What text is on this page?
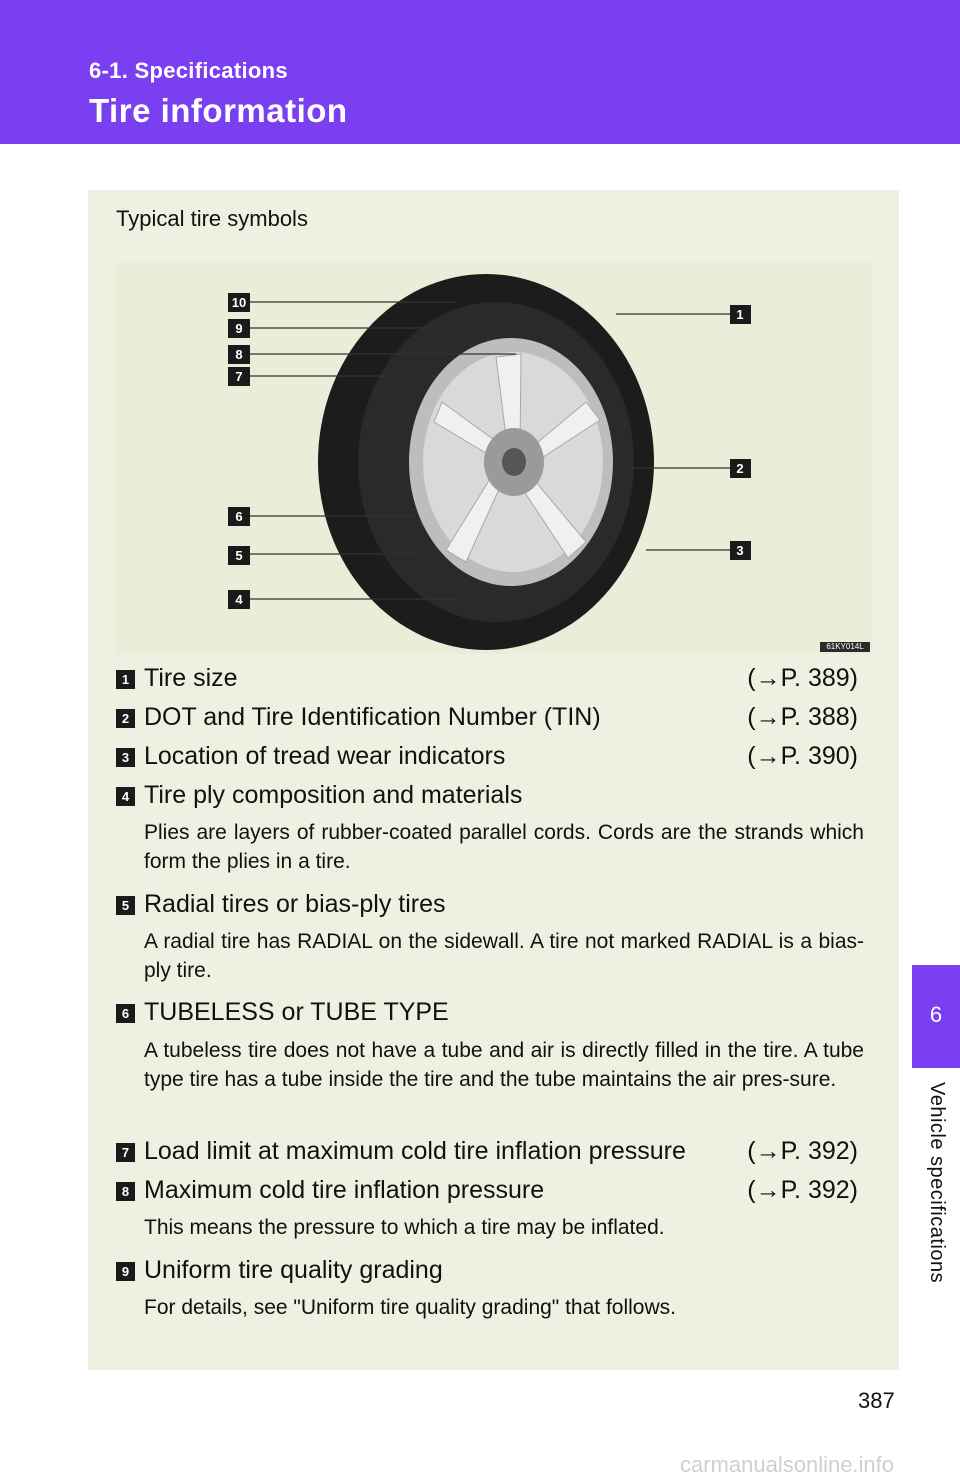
6-1. Specifications
Tire information
Typical tire symbols
10
9
8
7
6
5
4
1
2
3
61KY014L
1 Tire size	(→P. 389)
2 DOT and Tire Identification Number (TIN)	(→P. 388)
3 Location of tread wear indicators	(→P. 390)
4 Tire ply composition and materials
Plies are layers of rubber-coated parallel cords. Cords are the strands which form the plies in a tire.
5 Radial tires or bias-ply tires
A radial tire has RADIAL on the sidewall. A tire not marked RADIAL is a bias-ply tire.
6 TUBELESS or TUBE TYPE
A tubeless tire does not have a tube and air is directly filled in the tire. A tube type tire has a tube inside the tire and the tube maintains the air pres-sure.
7 Load limit at maximum cold tire inflation pressure (→P. 392)
8 Maximum cold tire inflation pressure	(→P. 392)
This means the pressure to which a tire may be inflated.
9 Uniform tire quality grading
For details, see "Uniform tire quality grading" that follows.
6
Vehicle specifications
387
carmanualsonline.info
